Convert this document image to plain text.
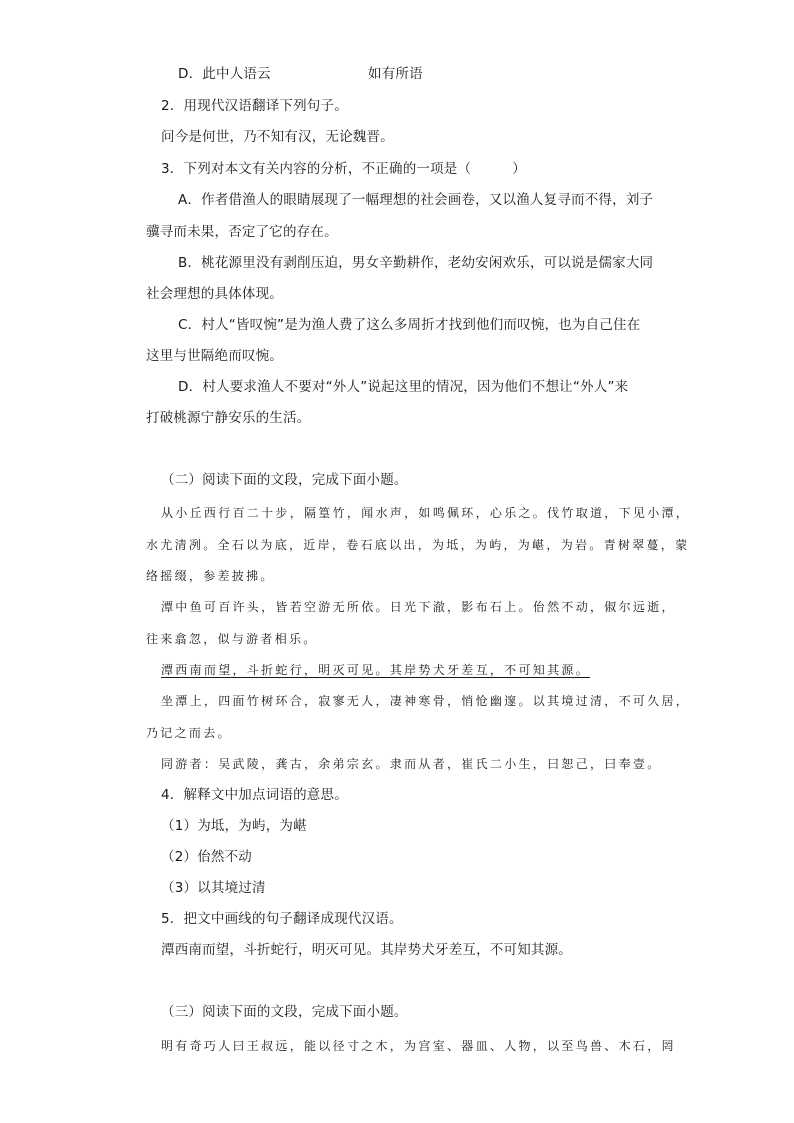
D．此中人语云	如有所语
2．用现代汉语翻译下列句子。
问今是何世，乃不知有汉，无论魏晋。
3．下列对本文有关内容的分析，不正确的一项是（　　　）
A．作者借渔人的眼睛展现了一幅理想的社会画卷，又以渔人复寻而不得，刘子
骥寻而未果，否定了它的存在。
B．桃花源里没有剥削压迫，男女辛勤耕作，老幼安闲欢乐，可以说是儒家大同
社会理想的具体体现。
C．村人“皆叹惋”是为渔人费了这么多周折才找到他们而叹惋，也为自己住在
这里与世隔绝而叹惋。
D．村人要求渔人不要对“外人”说起这里的情况，因为他们不想让“外人”来
打破桃源宁静安乐的生活。
（二）阅读下面的文段，完成下面小题。
从小丘西行百二十步，隔篁竹，闻水声，如鸣佩环，心乐之。伐竹取道，下见小潭，
水尤清冽。全石以为底，近岸，卷石底以出，为坻，为屿，为嵁，为岩。青树翠蔓，蒙
络摇缀，参差披拂。
潭中鱼可百许头，皆若空游无所依。日光下澈，影布石上。佁然不动，俶尔远逝，
往来翕忽，似与游者相乐。
潭西南而望，斗折蛇行，明灭可见。其岸势犬牙差互，不可知其源。
坐潭上，四面竹树环合，寂寥无人，凄神寒骨，悄怆幽邃。以其境过清，不可久居，
乃记之而去。
同游者：吴武陵，龚古，余弟宗玄。隶而从者，崔氏二小生，曰恕己，曰奉壹。
4．解释文中加点词语的意思。
（1）为坻，为屿，为嵁
（2）佁然不动
（3）以其境过清
5．把文中画线的句子翻译成现代汉语。
潭西南而望，斗折蛇行，明灭可见。其岸势犬牙差互，不可知其源。
（三）阅读下面的文段，完成下面小题。
明有奇巧人曰王叔远，能以径寸之木，为宫室、器皿、人物，以至鸟兽、木石，罔
